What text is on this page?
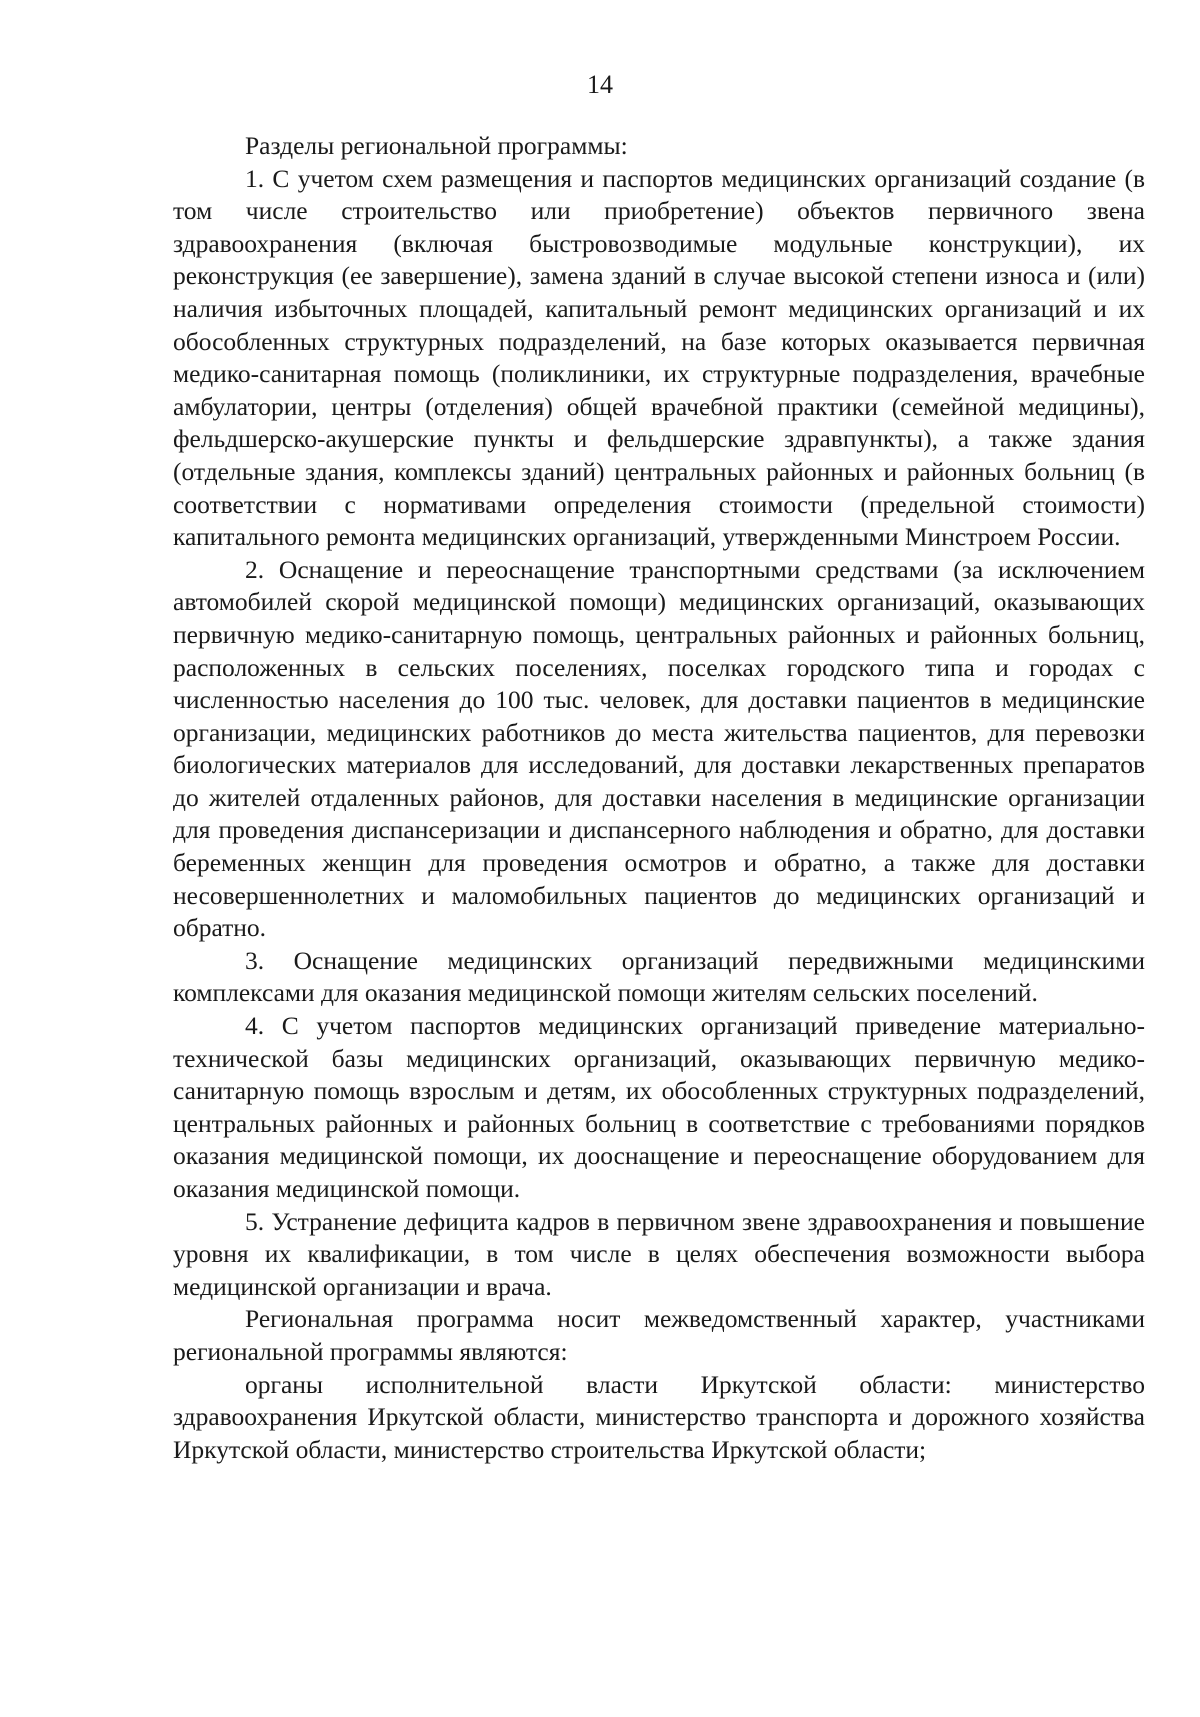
14

Разделы региональной программы:

1. С учетом схем размещения и паспортов медицинских организаций создание (в том числе строительство или приобретение) объектов первичного звена здравоохранения (включая быстровозводимые модульные конструкции), их реконструкция (ее завершение), замена зданий в случае высокой степени износа и (или) наличия избыточных площадей, капитальный ремонт медицинских организаций и их обособленных структурных подразделений, на базе которых оказывается первичная медико-санитарная помощь (поликлиники, их структурные подразделения, врачебные амбулатории, центры (отделения) общей врачебной практики (семейной медицины), фельдшерско-акушерские пункты и фельдшерские здравпункты), а также здания (отдельные здания, комплексы зданий) центральных районных и районных больниц (в соответствии с нормативами определения стоимости (предельной стоимости) капитального ремонта медицинских организаций, утвержденными Минстроем России.

2. Оснащение и переоснащение транспортными средствами (за исключением автомобилей скорой медицинской помощи) медицинских организаций, оказывающих первичную медико-санитарную помощь, центральных районных и районных больниц, расположенных в сельских поселениях, поселках городского типа и городах с численностью населения до 100 тыс. человек, для доставки пациентов в медицинские организации, медицинских работников до места жительства пациентов, для перевозки биологических материалов для исследований, для доставки лекарственных препаратов до жителей отдаленных районов, для доставки населения в медицинские организации для проведения диспансеризации и диспансерного наблюдения и обратно, для доставки беременных женщин для проведения осмотров и обратно, а также для доставки несовершеннолетних и маломобильных пациентов до медицинских организаций и обратно.

3. Оснащение медицинских организаций передвижными медицинскими комплексами для оказания медицинской помощи жителям сельских поселений.

4. С учетом паспортов медицинских организаций приведение материально-технической базы медицинских организаций, оказывающих первичную медико-санитарную помощь взрослым и детям, их обособленных структурных подразделений, центральных районных и районных больниц в соответствие с требованиями порядков оказания медицинской помощи, их дооснащение и переоснащение оборудованием для оказания медицинской помощи.

5. Устранение дефицита кадров в первичном звене здравоохранения и повышение уровня их квалификации, в том числе в целях обеспечения возможности выбора медицинской организации и врача.

Региональная программа носит межведомственный характер, участниками региональной программы являются:

органы исполнительной власти Иркутской области: министерство здравоохранения Иркутской области, министерство транспорта и дорожного хозяйства Иркутской области, министерство строительства Иркутской области;
